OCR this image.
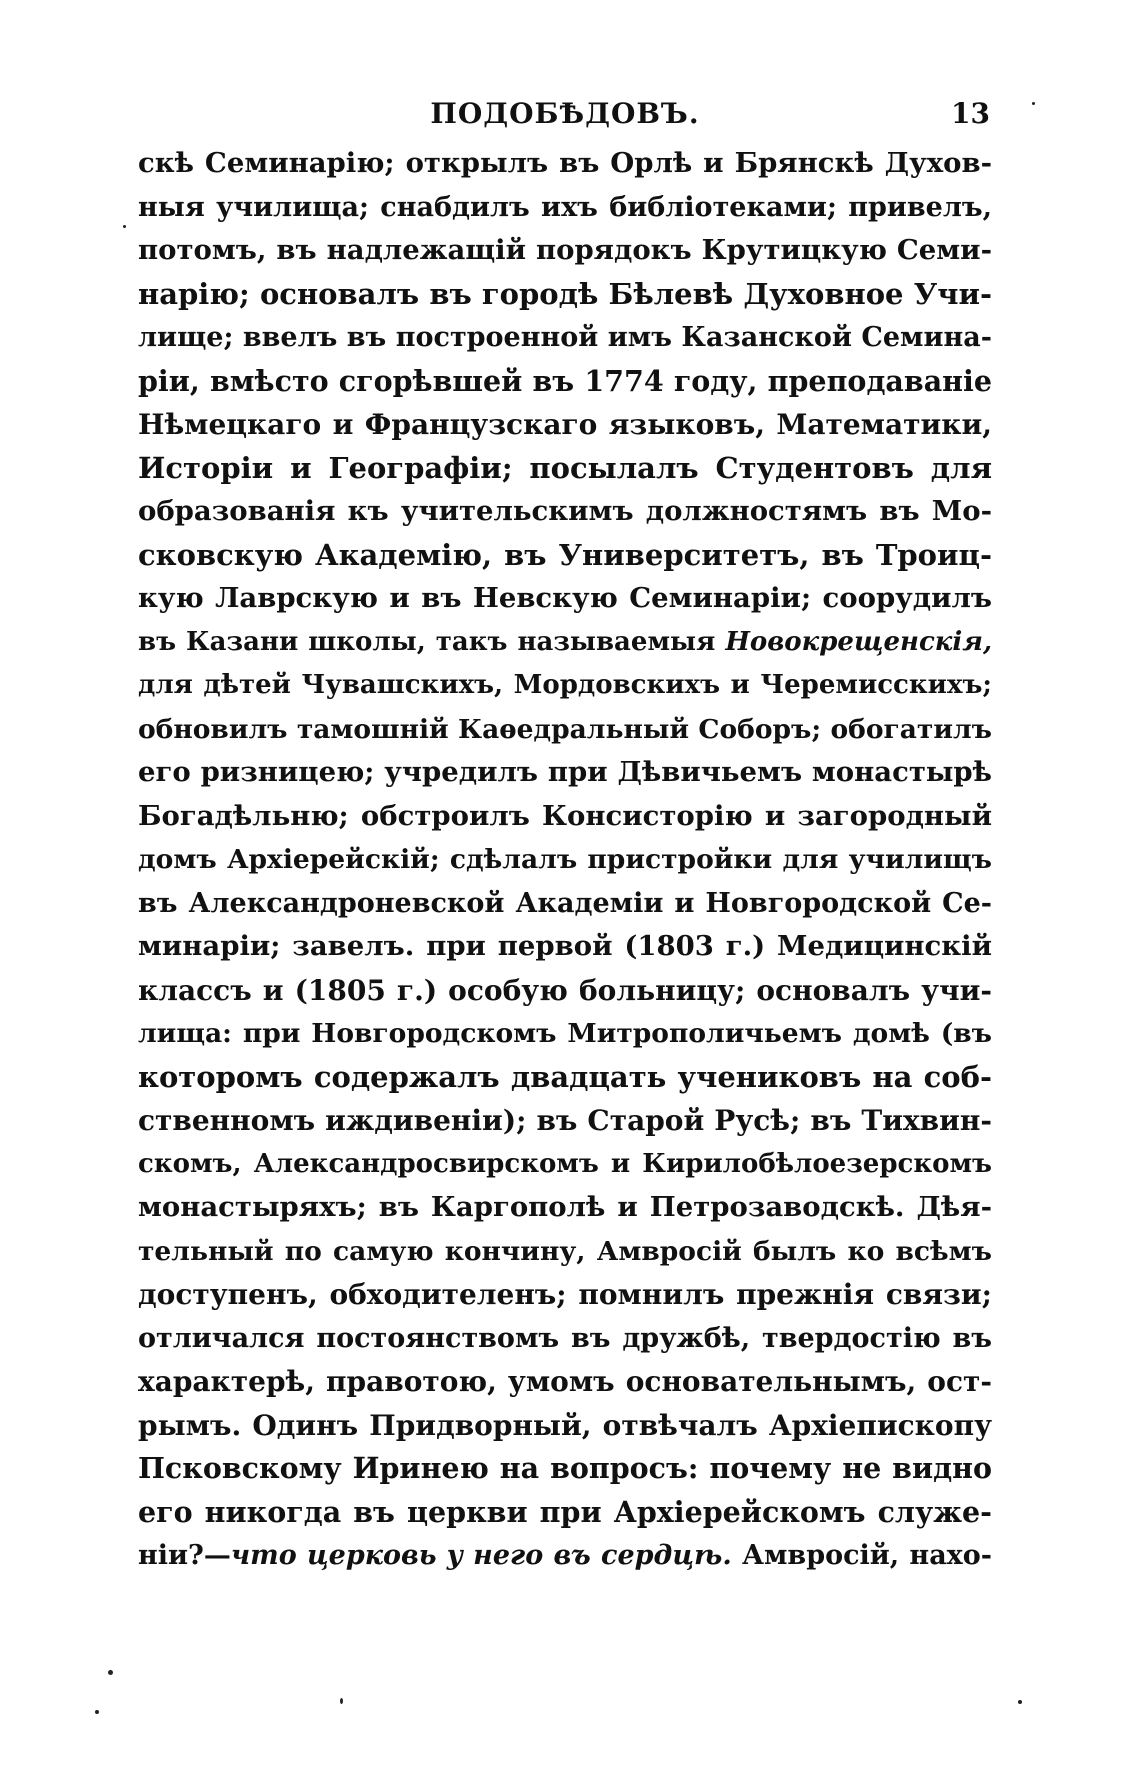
ПОДОБѢДОВЪ.	13
скѣ Семинарію; открылъ въ Орлѣ и Брянскѣ Духов-
ныя училища; снабдилъ ихъ библіотеками; привелъ,
потомъ, въ надлежащій порядокъ Крутицкую Семи-
нарію; основалъ въ городѣ Бѣлевѣ Духовное Учи-
лище; ввелъ въ построенной имъ Казанской Семина-
ріи, вмѣсто сгорѣвшей въ 1774 году, преподаваніе
Нѣмецкаго и Французскаго языковъ, Математики,
Исторіи и Географіи; посылалъ Студентовъ для
образованія къ учительскимъ должностямъ въ Мо-
сковскую Академію, въ Университетъ, въ Троиц-
кую Лаврскую и въ Невскую Семинаріи; соорудилъ
въ Казани школы, такъ называемыя Новокрещенскія,
для дѣтей Чувашскихъ, Мордовскихъ и Черемисскихъ;
обновилъ тамошній Каѳедральный Соборъ; обогатилъ
его ризницею; учредилъ при Дѣвичьемъ монастырѣ
Богадѣльню; обстроилъ Консисторію и загородный
домъ Архіерейскій; сдѣлалъ пристройки для училищъ
въ Александроневской Академіи и Новгородской Се-
минаріи; завелъ. при первой (1803 г.) Медицинскій
классъ и (1805 г.) особую больницу; основалъ учи-
лища: при Новгородскомъ Митрополичьемъ домѣ (въ
которомъ содержалъ двадцать учениковъ на соб-
ственномъ иждивеніи); въ Старой Русѣ; въ Тихвин-
скомъ, Александросвирскомъ и Кирилобѣлоезерскомъ
монастыряхъ; въ Каргополѣ и Петрозаводскѣ. Дѣя-
тельный по самую кончину, Амвросій былъ ко всѣмъ
доступенъ, обходителенъ; помнилъ прежнія связи;
отличался постоянствомъ въ дружбѣ, твердостію въ
характерѣ, правотою, умомъ основательнымъ, ост-
рымъ. Одинъ Придворный, отвѣчалъ Архіепископу
Псковскому Иринею на вопросъ: почему не видно
его никогда въ церкви при Архіерейскомъ служе-
ніи?—что церковь у него въ сердцѣ. Амвросій, нахо-
